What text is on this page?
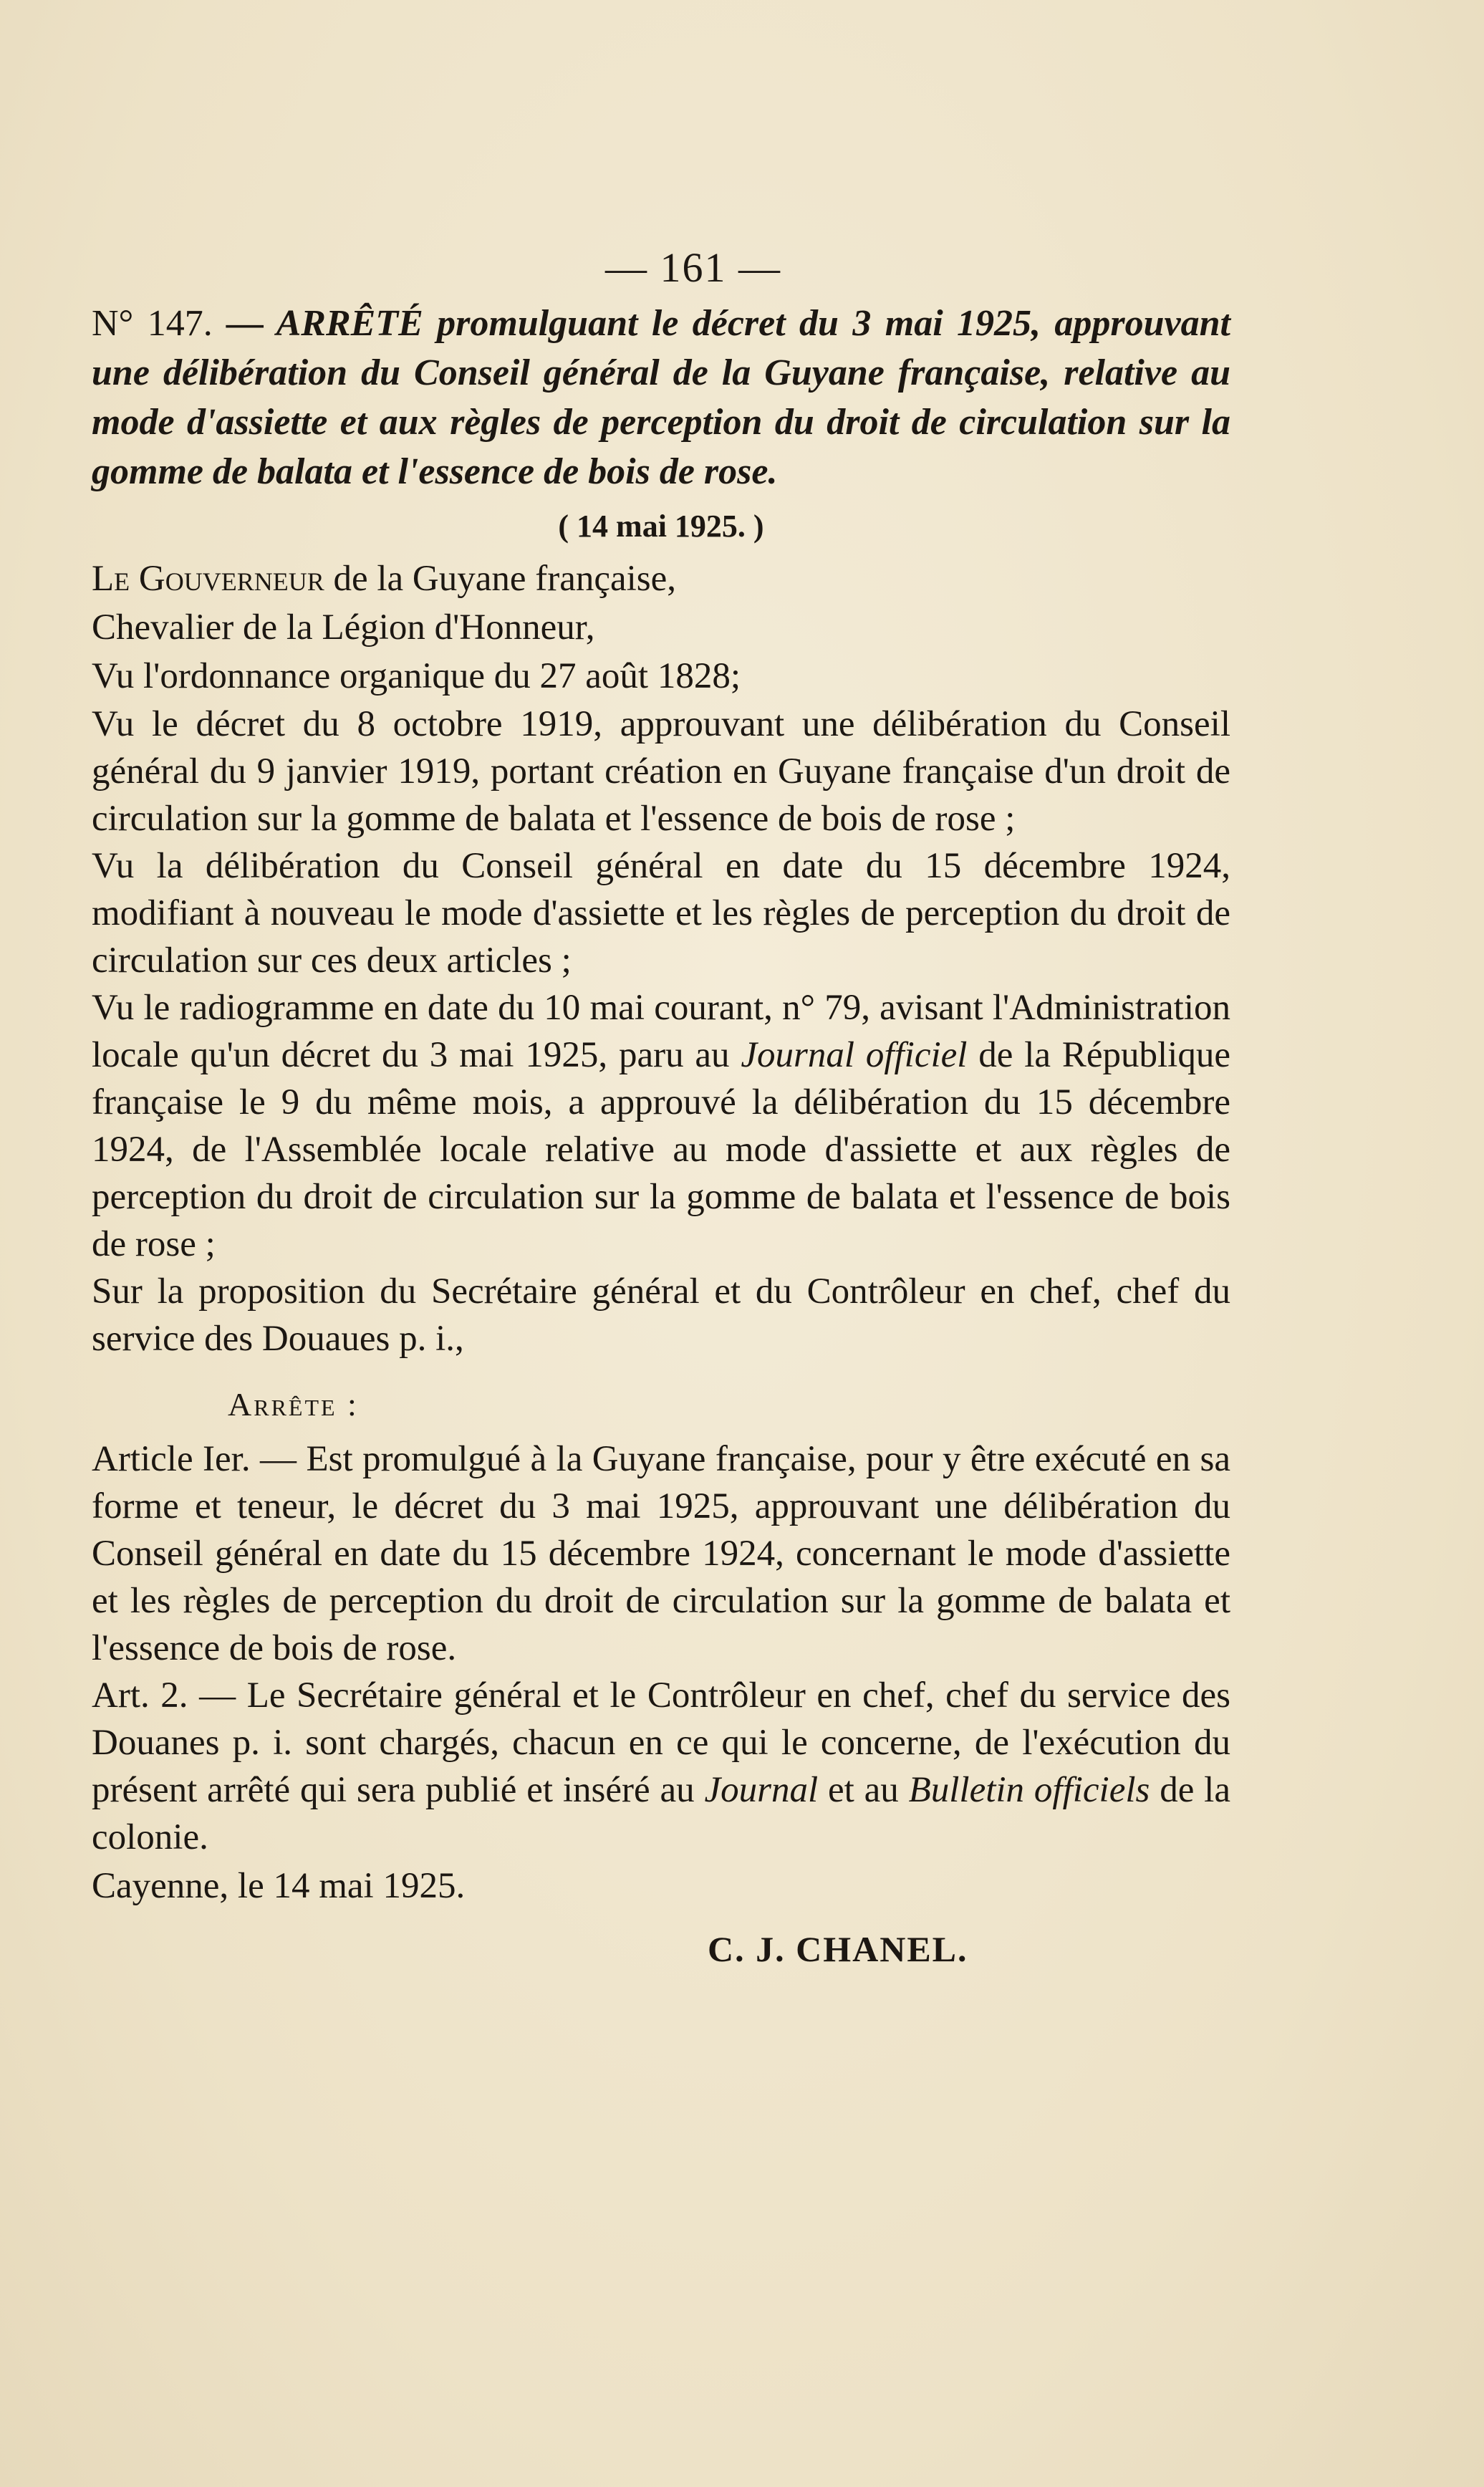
— 161 —

N° 147. — ARRÊTÉ promulguant le décret du 3 mai 1925, approuvant une délibération du Conseil général de la Guyane française, relative au mode d'assiette et aux règles de perception du droit de circulation sur la gomme de balata et l'essence de bois de rose.

( 14 mai 1925. )

Le Gouverneur de la Guyane française,

Chevalier de la Légion d'Honneur,

Vu l'ordonnance organique du 27 août 1828;

Vu le décret du 8 octobre 1919, approuvant une délibération du Conseil général du 9 janvier 1919, portant création en Guyane française d'un droit de circulation sur la gomme de balata et l'essence de bois de rose ;

Vu la délibération du Conseil général en date du 15 décembre 1924, modifiant à nouveau le mode d'assiette et les règles de perception du droit de circulation sur ces deux articles ;

Vu le radiogramme en date du 10 mai courant, n° 79, avisant l'Administration locale qu'un décret du 3 mai 1925, paru au Journal officiel de la République française le 9 du même mois, a approuvé la délibération du 15 décembre 1924, de l'Assemblée locale relative au mode d'assiette et aux règles de perception du droit de circulation sur la gomme de balata et l'essence de bois de rose ;

Sur la proposition du Secrétaire général et du Contrôleur en chef, chef du service des Douaues p. i.,

Arrête :

Article Ier. — Est promulgué à la Guyane française, pour y être exécuté en sa forme et teneur, le décret du 3 mai 1925, approuvant une délibération du Conseil général en date du 15 décembre 1924, concernant le mode d'assiette et les règles de perception du droit de circulation sur la gomme de balata et l'essence de bois de rose.

Art. 2. — Le Secrétaire général et le Contrôleur en chef, chef du service des Douanes p. i. sont chargés, chacun en ce qui le concerne, de l'exécution du présent arrêté qui sera publié et inséré au Journal et au Bulletin officiels de la colonie.

Cayenne, le 14 mai 1925.

C. J. CHANEL.
